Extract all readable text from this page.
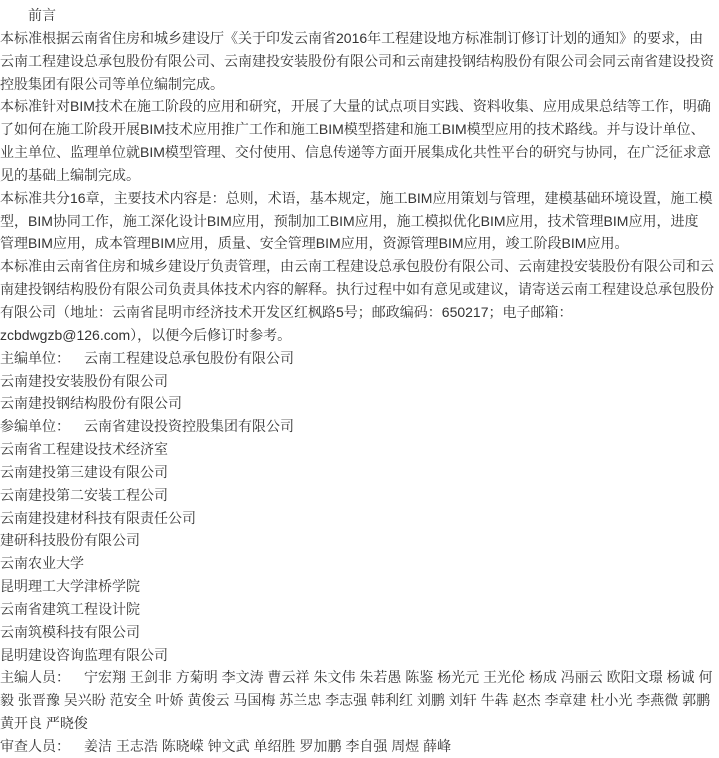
前言
本标准根据云南省住房和城乡建设厅《关于印发云南省2016年工程建设地方标准制订修订计划的通知》的要求，由
云南工程建设总承包股份有限公司、云南建投安装股份有限公司和云南建投钢结构股份有限公司会同云南省建设投资
控股集团有限公司等单位编制完成。
本标准针对BIM技术在施工阶段的应用和研究，开展了大量的试点项目实践、资料收集、应用成果总结等工作，明确
了如何在施工阶段开展BIM技术应用推广工作和施工BIM模型搭建和施工BIM模型应用的技术路线。并与设计单位、
业主单位、监理单位就BIM模型管理、交付使用、信息传递等方面开展集成化共性平台的研究与协同，在广泛征求意
见的基础上编制完成。
本标准共分16章，主要技术内容是：总则，术语，基本规定，施工BIM应用策划与管理，建模基础环境设置，施工模
型，BIM协同工作，施工深化设计BIM应用，预制加工BIM应用，施工模拟优化BIM应用，技术管理BIM应用，进度
管理BIM应用，成本管理BIM应用，质量、安全管理BIM应用，资源管理BIM应用，竣工阶段BIM应用。
本标准由云南省住房和城乡建设厅负责管理，由云南工程建设总承包股份有限公司、云南建投安装股份有限公司和云
南建投钢结构股份有限公司负责具体技术内容的解释。执行过程中如有意见或建议，请寄送云南工程建设总承包股份
有限公司（地址：云南省昆明市经济技术开发区红枫路5号；邮政编码：650217；电子邮箱：
zcbdwgzb@126.com），以便今后修订时参考。
主编单位： 云南工程建设总承包股份有限公司
云南建投安装股份有限公司
云南建投钢结构股份有限公司
参编单位： 云南省建设投资控股集团有限公司
云南省工程建设技术经济室
云南建投第三建设有限公司
云南建投第二安装工程公司
云南建投建材科技有限责任公司
建研科技股份有限公司
云南农业大学
昆明理工大学津桥学院
云南省建筑工程设计院
云南筑模科技有限公司
昆明建设咨询监理有限公司
主编人员： 宁宏翔 王剑非 方菊明 李文涛 曹云祥 朱文伟 朱若愚 陈鉴 杨光元 王光伦 杨成 冯丽云 欧阳文璟 杨诚 何
毅 张晋豫 吴兴盼 范安全 叶娇 黄俊云 马国梅 苏兰忠 李志强 韩利红 刘鹏 刘轩 牛犇 赵杰 李章建 杜小光 李燕微 郭鹏
黄开良 严晓俊
审查人员： 姜洁 王志浩 陈晓嵘 钟文武 单绍胜 罗加鹏 李自强 周煜 薛峰
